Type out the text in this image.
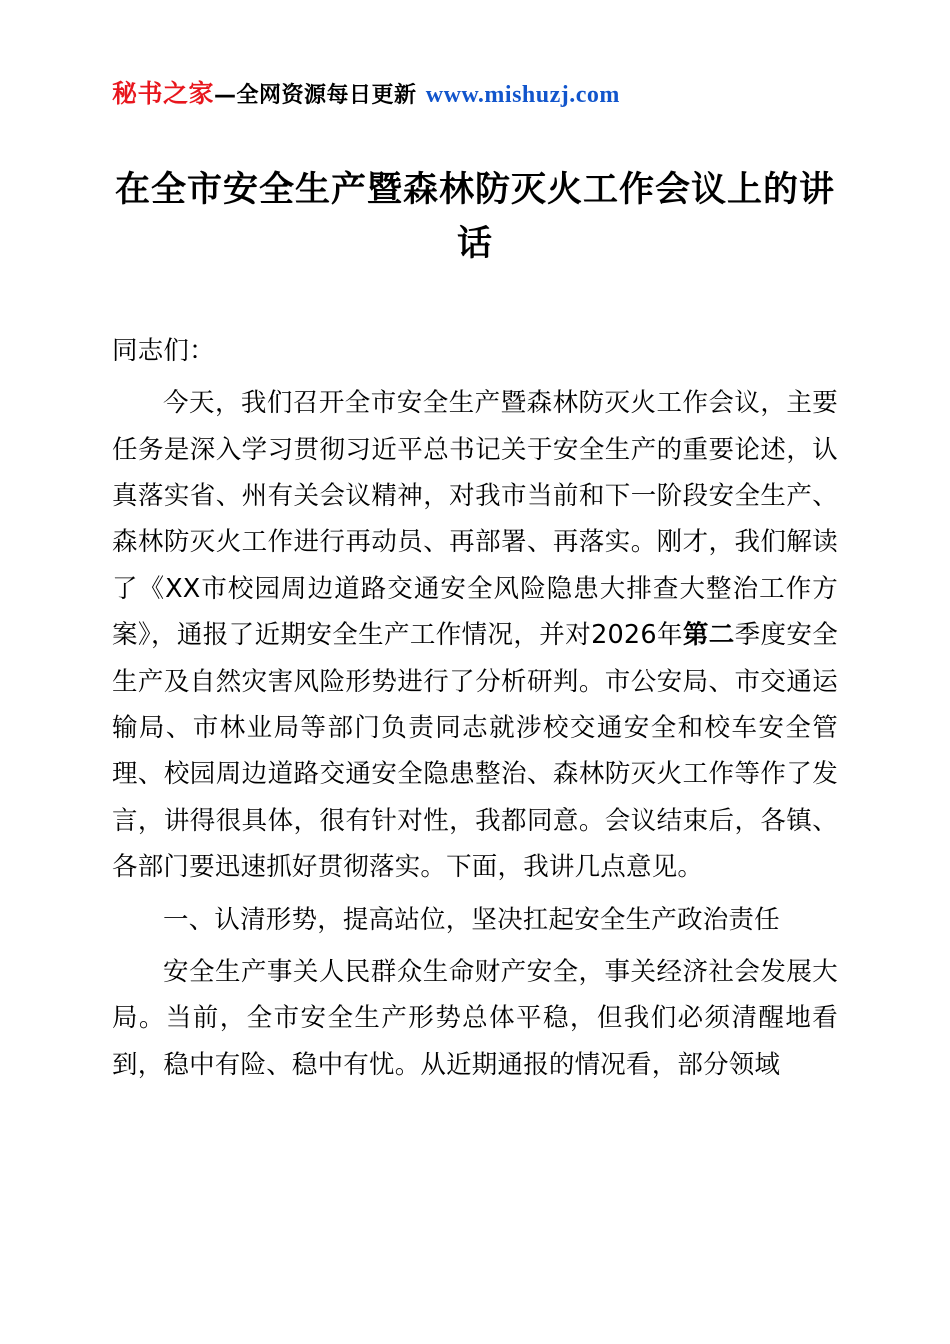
秘书之家—全网资源每日更新 www.mishuzj.com
在全市安全生产暨森林防灭火工作会议上的讲话

同志们：

今天，我们召开全市安全生产暨森林防灭火工作会议，主要任务是深入学习贯彻习近平总书记关于安全生产的重要论述，认真落实省、州有关会议精神，对我市当前和下一阶段安全生产、森林防灭火工作进行再动员、再部署、再落实。刚才，我们解读了《XX市校园周边道路交通安全风险隐患大排查大整治工作方案》，通报了近期安全生产工作情况，并对2026年第二季度安全生产及自然灾害风险形势进行了分析研判。市公安局、市交通运输局、市林业局等部门负责同志就涉校交通安全和校车安全管理、校园周边道路交通安全隐患整治、森林防灭火工作等作了发言，讲得很具体，很有针对性，我都同意。会议结束后，各镇、各部门要迅速抓好贯彻落实。下面，我讲几点意见。

一、认清形势，提高站位，坚决扛起安全生产政治责任

安全生产事关人民群众生命财产安全，事关经济社会发展大局。当前，全市安全生产形势总体平稳，但我们必须清醒地看到，稳中有险、稳中有忧。从近期通报的情况看，部分领域
